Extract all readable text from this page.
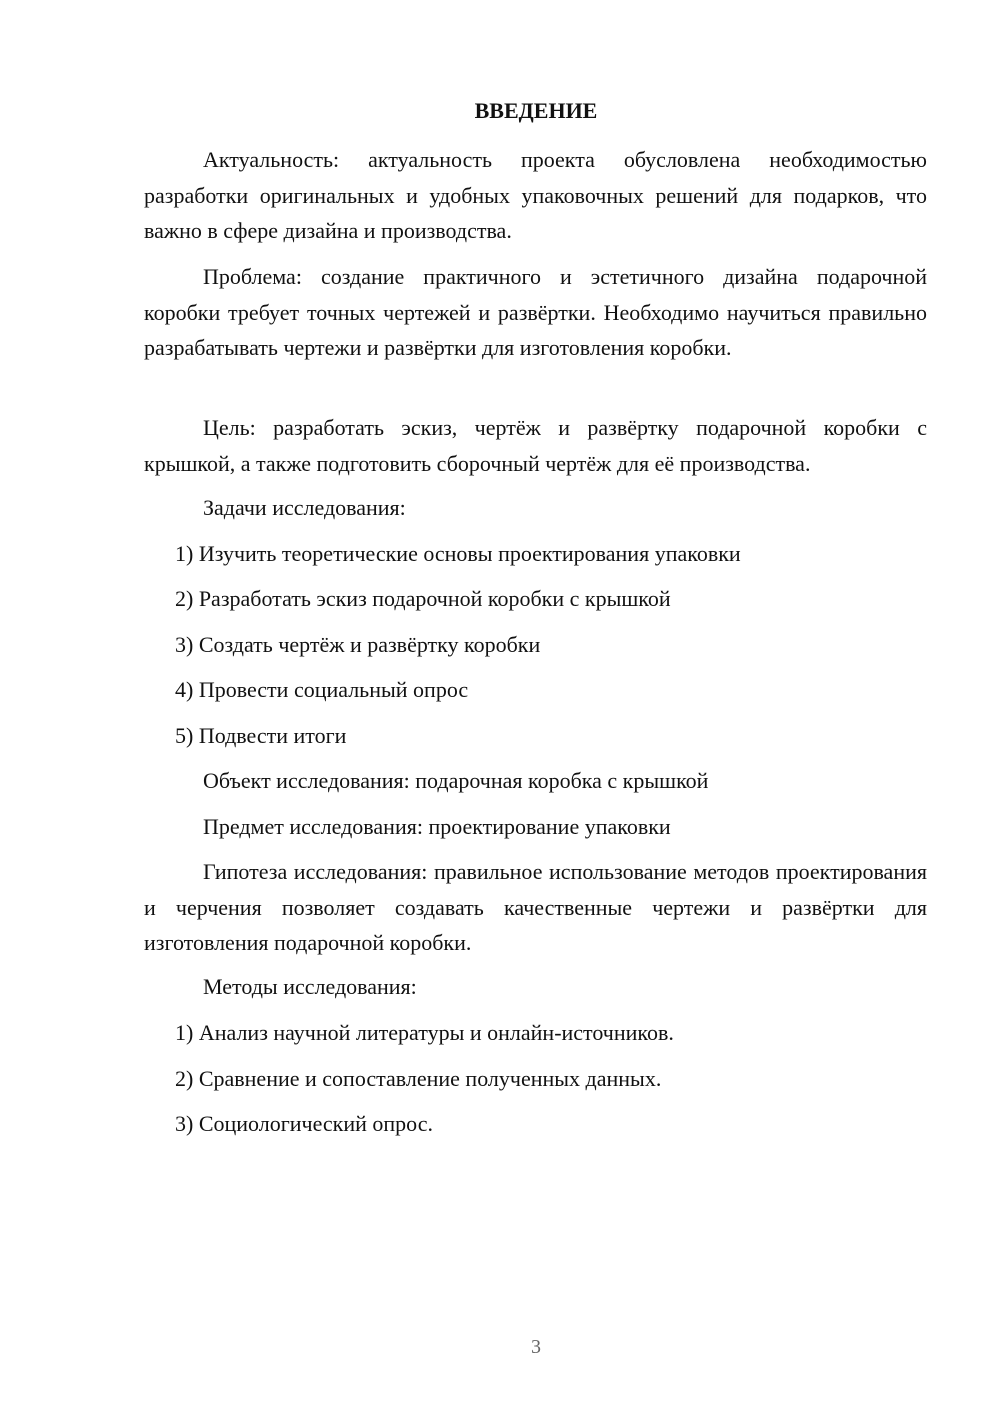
ВВЕДЕНИЕ

Актуальность: актуальность проекта обусловлена необходимостью разработки оригинальных и удобных упаковочных решений для подарков, что важно в сфере дизайна и производства.

Проблема: создание практичного и эстетичного дизайна подарочной коробки требует точных чертежей и развёртки. Необходимо научиться правильно разрабатывать чертежи и развёртки для изготовления коробки.

Цель: разработать эскиз, чертёж и развёртку подарочной коробки с крышкой, а также подготовить сборочный чертёж для её производства.

Задачи исследования:

1) Изучить теоретические основы проектирования упаковки

2) Разработать эскиз подарочной коробки с крышкой

3) Создать чертёж и развёртку коробки

4) Провести социальный опрос

5) Подвести итоги

Объект исследования: подарочная коробка с крышкой

Предмет исследования: проектирование упаковки

Гипотеза исследования: правильное использование методов проектирования и черчения позволяет создавать качественные чертежи и развёртки для изготовления подарочной коробки.

Методы исследования:

1) Анализ научной литературы и онлайн-источников.

2) Сравнение и сопоставление полученных данных.

3) Социологический опрос.

3
